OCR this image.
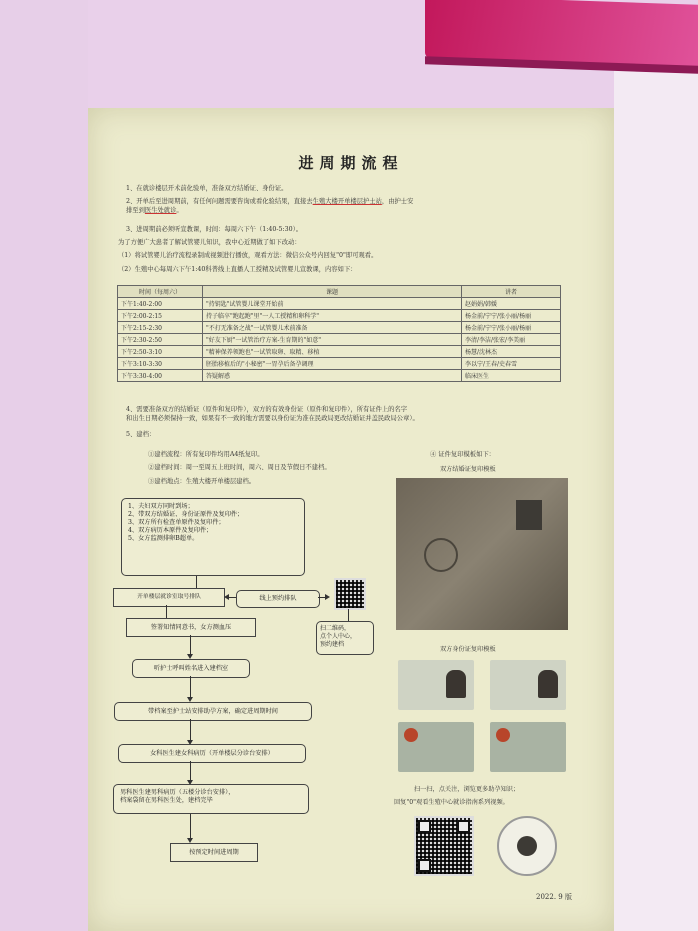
进周期流程
1、在就诊楼层开术前化验单，准备双方结婚证、身份证。
2、开单后至进周期前，有任何问题需要咨询或看化验结果，直接去生殖大楼开单楼层护士站，由护士安
排至到医生处就诊。
3、进周期前必须听宣教课，时间：每周六下午（1:40-5:30）。
为了方便广大患者了解试管婴儿知识，我中心近期做了如下改动：
（1）将试管婴儿治疗流程录制成视频进行播放，观看方法：微信公众号内回复"0"即可观看。
（2）生殖中心每周六下午1:40科普线上直播人工授精及试管婴儿宣教课，内容如下：
时间（每周六）	课题	讲者
下午1:40-2:00	"持钥匙"试管婴儿课堂开始前	赵娟娟/韩媛
下午2:00-2:15	持子临卒"跑起跑"里"一人工授精和卵科学"	杨金前/宁宁/张小丽/杨丽
下午2:15-2:30	"不打无准备之战"一试管婴儿术前准备	杨金前/宁宁/张小丽/杨丽
下午2:30-2:50	"好友下厨"一试管治疗方案-生育期的"如意"	李清/李洁/张宏/李美丽
下午2:50-3:10	"精神保养领跑也"一试管取卵、取精、移植	杨慧/沈林杰
下午3:10-3:30	胚胎移植后的"小秘密"一胃孕后备孕调理	李以宁/王春/史春雪
下午3:30-4:00	答疑解惑	临床医生
4、需要准备双方的结婚证（原件和复印件），双方的有效身份证（原件和复印件），所有证件上的名字
和出生日期必须保持一致，如果有不一致的地方需要以身份证为准在民政局更改结婚证并盖民政局公章）。
5、建档：
①建档流程：所有复印件均用A4纸复印。
②建档时间：周一至周五上班时间，周六、周日及节假日不建档。
③建档地点：生殖大楼开单楼层建档。
④ 证件复印模板如下：
双方结婚证复印模板
1、夫妇双方同时到场；
2、带双方结婚证、身份证原件及复印件；
3、双方所有检查单原件及复印件；
4、双方病历本原件及复印件；
5、女方监测排卵B超单。
开单楼层就诊室取号排队	线上预约排队
扫二维码，
点个人中心，
预约建档
签署知情同意书，女方测血压
听护士呼叫姓名进入建档室
带档案至护士站安排助孕方案，确定进周期时间
女科医生建女科病历（开单楼层分诊台安排）
男科医生建男科病历（五楼分诊台安排），
档案袋留在男科医生处，建档完毕
按预定时间进周期
双方身份证复印模板
扫一扫，点关注，浏览更多助孕知识；
回复"0"观看生殖中心就诊指南系列视频。
2022. 9 版
